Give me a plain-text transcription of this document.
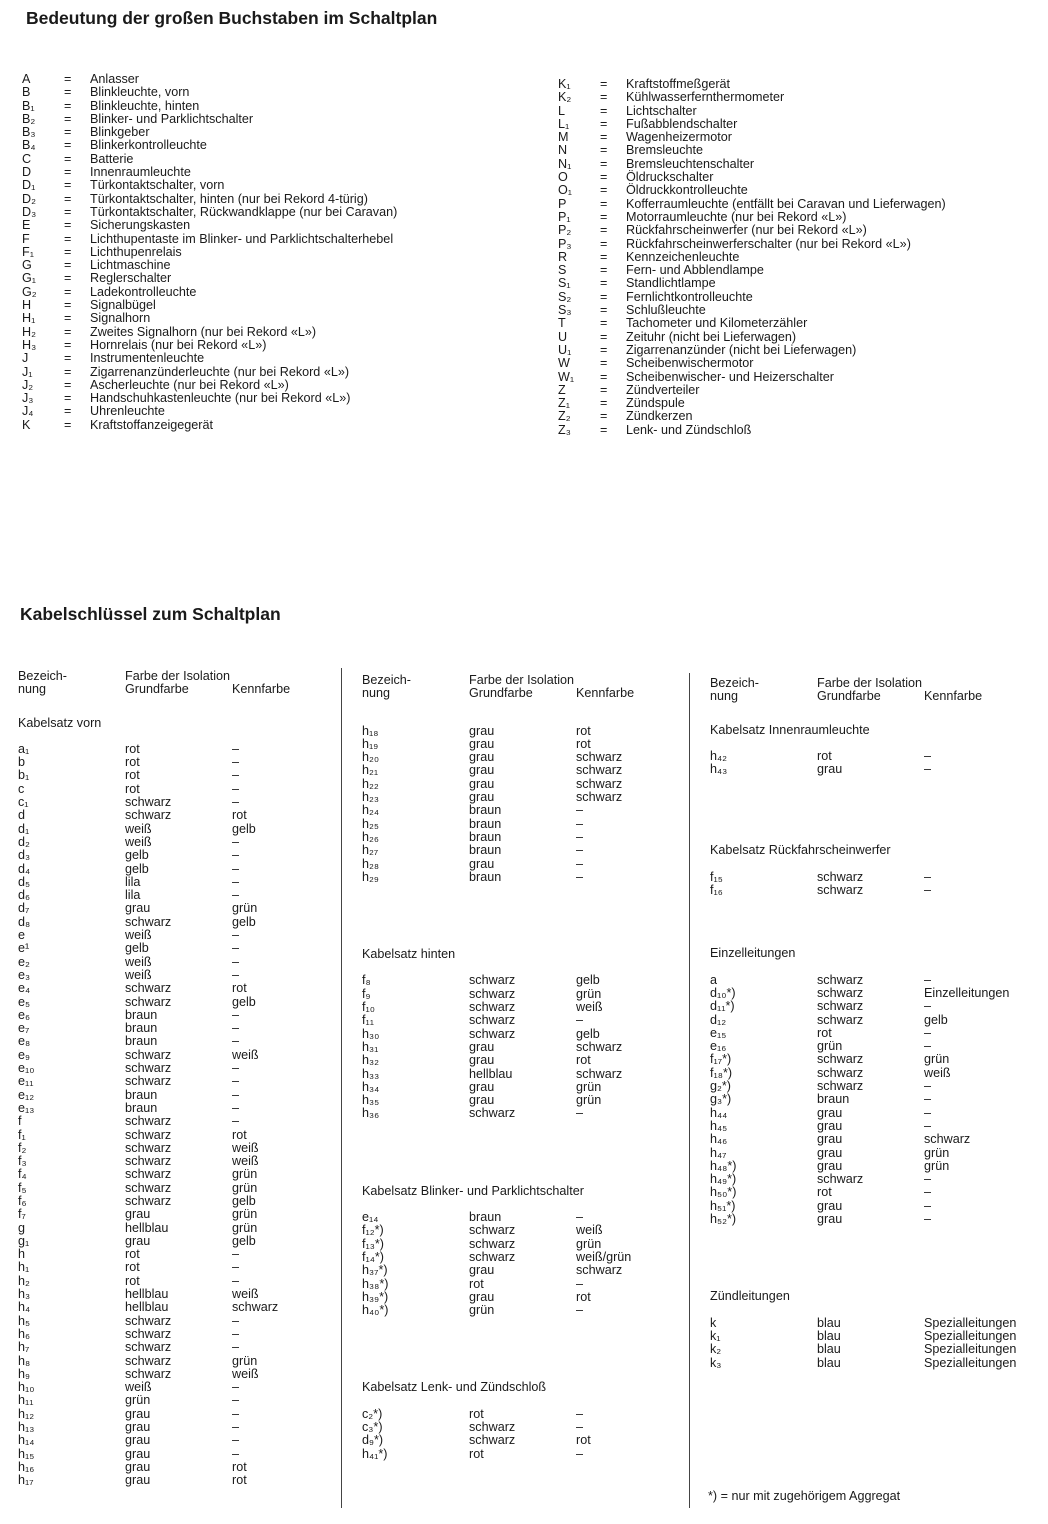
Bedeutung der großen Buchstaben im Schaltplan
A	=	Anlasser
B	=	Blinkleuchte, vorn
B₁	=	Blinkleuchte, hinten
B₂	=	Blinker- und Parklichtschalter
B₃	=	Blinkgeber
B₄	=	Blinkerkontrolleuchte
C	=	Batterie
D	=	Innenraumleuchte
D₁	=	Türkontaktschalter, vorn
D₂	=	Türkontaktschalter, hinten (nur bei Rekord 4-türig)
D₃	=	Türkontaktschalter, Rückwandklappe (nur bei Caravan)
E	=	Sicherungskasten
F	=	Lichthupentaste im Blinker- und Parklichtschalterhebel
F₁	=	Lichthupenrelais
G	=	Lichtmaschine
G₁	=	Reglerschalter
G₂	=	Ladekontrolleuchte
H	=	Signalbügel
H₁	=	Signalhorn
H₂	=	Zweites Signalhorn (nur bei Rekord «L»)
H₃	=	Hornrelais (nur bei Rekord «L»)
J	=	Instrumentenleuchte
J₁	=	Zigarrenanzünderleuchte (nur bei Rekord «L»)
J₂	=	Ascherleuchte (nur bei Rekord «L»)
J₃	=	Handschuhkastenleuchte (nur bei Rekord «L»)
J₄	=	Uhrenleuchte
K	=	Kraftstoffanzeigegerät
K₁	=	Kraftstoffmeßgerät
K₂	=	Kühlwasserfernthermometer
L	=	Lichtschalter
L₁	=	Fußabblendschalter
M	=	Wagenheizermotor
N	=	Bremsleuchte
N₁	=	Bremsleuchtenschalter
O	=	Öldruckschalter
O₁	=	Öldruckkontrolleuchte
P	=	Kofferraumleuchte (entfällt bei Caravan und Lieferwagen)
P₁	=	Motorraumleuchte (nur bei Rekord «L»)
P₂	=	Rückfahrscheinwerfer (nur bei Rekord «L»)
P₃	=	Rückfahrscheinwerferschalter (nur bei Rekord «L»)
R	=	Kennzeichenleuchte
S	=	Fern- und Abblendlampe
S₁	=	Standlichtlampe
S₂	=	Fernlichtkontrolleuchte
S₃	=	Schlußleuchte
T	=	Tachometer und Kilometerzähler
U	=	Zeituhr (nicht bei Lieferwagen)
U₁	=	Zigarrenanzünder (nicht bei Lieferwagen)
W	=	Scheibenwischermotor
W₁	=	Scheibenwischer- und Heizerschalter
Z	=	Zündverteiler
Z₁	=	Zündspule
Z₂	=	Zündkerzen
Z₃	=	Lenk- und Zündschloß
Kabelschlüssel zum Schaltplan
Bezeich-	Farbe der Isolation
nung	Grundfarbe	Kennfarbe
Kabelsatz vorn
a₁	rot	–
b	rot	–
b₁	rot	–
c	rot	–
c₁	schwarz	–
d	schwarz	rot
d₁	weiß	gelb
d₂	weiß	–
d₃	gelb	–
d₄	gelb	–
d₅	lila	–
d₆	lila	–
d₇	grau	grün
d₈	schwarz	gelb
e	weiß	–
e¹	gelb	–
e₂	weiß	–
e₃	weiß	–
e₄	schwarz	rot
e₅	schwarz	gelb
e₆	braun	–
e₇	braun	–
e₈	braun	–
e₉	schwarz	weiß
e₁₀	schwarz	–
e₁₁	schwarz	–
e₁₂	braun	–
e₁₃	braun	–
f	schwarz	–
f₁	schwarz	rot
f₂	schwarz	weiß
f₃	schwarz	weiß
f₄	schwarz	grün
f₅	schwarz	grün
f₆	schwarz	gelb
f₇	grau	grün
g	hellblau	grün
g₁	grau	gelb
h	rot	–
h₁	rot	–
h₂	rot	–
h₃	hellblau	weiß
h₄	hellblau	schwarz
h₅	schwarz	–
h₆	schwarz	–
h₇	schwarz	–
h₈	schwarz	grün
h₉	schwarz	weiß
h₁₀	weiß	–
h₁₁	grün	–
h₁₂	grau	–
h₁₃	grau	–
h₁₄	grau	–
h₁₅	grau	–
h₁₆	grau	rot
h₁₇	grau	rot
Bezeich-	Farbe der Isolation
nung	Grundfarbe	Kennfarbe
h₁₈	grau	rot
h₁₉	grau	rot
h₂₀	grau	schwarz
h₂₁	grau	schwarz
h₂₂	grau	schwarz
h₂₃	grau	schwarz
h₂₄	braun	–
h₂₅	braun	–
h₂₆	braun	–
h₂₇	braun	–
h₂₈	grau	–
h₂₉	braun	–
Kabelsatz hinten
f₈	schwarz	gelb
f₉	schwarz	grün
f₁₀	schwarz	weiß
f₁₁	schwarz	–
h₃₀	schwarz	gelb
h₃₁	grau	schwarz
h₃₂	grau	rot
h₃₃	hellblau	schwarz
h₃₄	grau	grün
h₃₅	grau	grün
h₃₆	schwarz	–
Kabelsatz Blinker- und Parklichtschalter
e₁₄	braun	–
f₁₂*)	schwarz	weiß
f₁₃*)	schwarz	grün
f₁₄*)	schwarz	weiß/grün
h₃₇*)	grau	schwarz
h₃₈*)	rot	–
h₃₉*)	grau	rot
h₄₀*)	grün	–
Kabelsatz Lenk- und Zündschloß
c₂*)	rot	–
c₃*)	schwarz	–
d₉*)	schwarz	rot
h₄₁*)	rot	–
Bezeich-	Farbe der Isolation
nung	Grundfarbe	Kennfarbe
Kabelsatz Innenraumleuchte
h₄₂	rot	–
h₄₃	grau	–
Kabelsatz Rückfahrscheinwerfer
f₁₅	schwarz	–
f₁₆	schwarz	–
Einzelleitungen
a	schwarz	–
d₁₀*)	schwarz	Einzelleitungen
d₁₁*)	schwarz	–
d₁₂	schwarz	gelb
e₁₅	rot	–
e₁₆	grün	–
f₁₇*)	schwarz	grün
f₁₈*)	schwarz	weiß
g₂*)	schwarz	–
g₃*)	braun	–
h₄₄	grau	–
h₄₅	grau	–
h₄₆	grau	schwarz
h₄₇	grau	grün
h₄₈*)	grau	grün
h₄₉*)	schwarz	–
h₅₀*)	rot	–
h₅₁*)	grau	–
h₅₂*)	grau	–
Zündleitungen
k	blau	Spezialleitungen
k₁	blau	Spezialleitungen
k₂	blau	Spezialleitungen
k₃	blau	Spezialleitungen
*) = nur mit zugehörigem Aggregat
